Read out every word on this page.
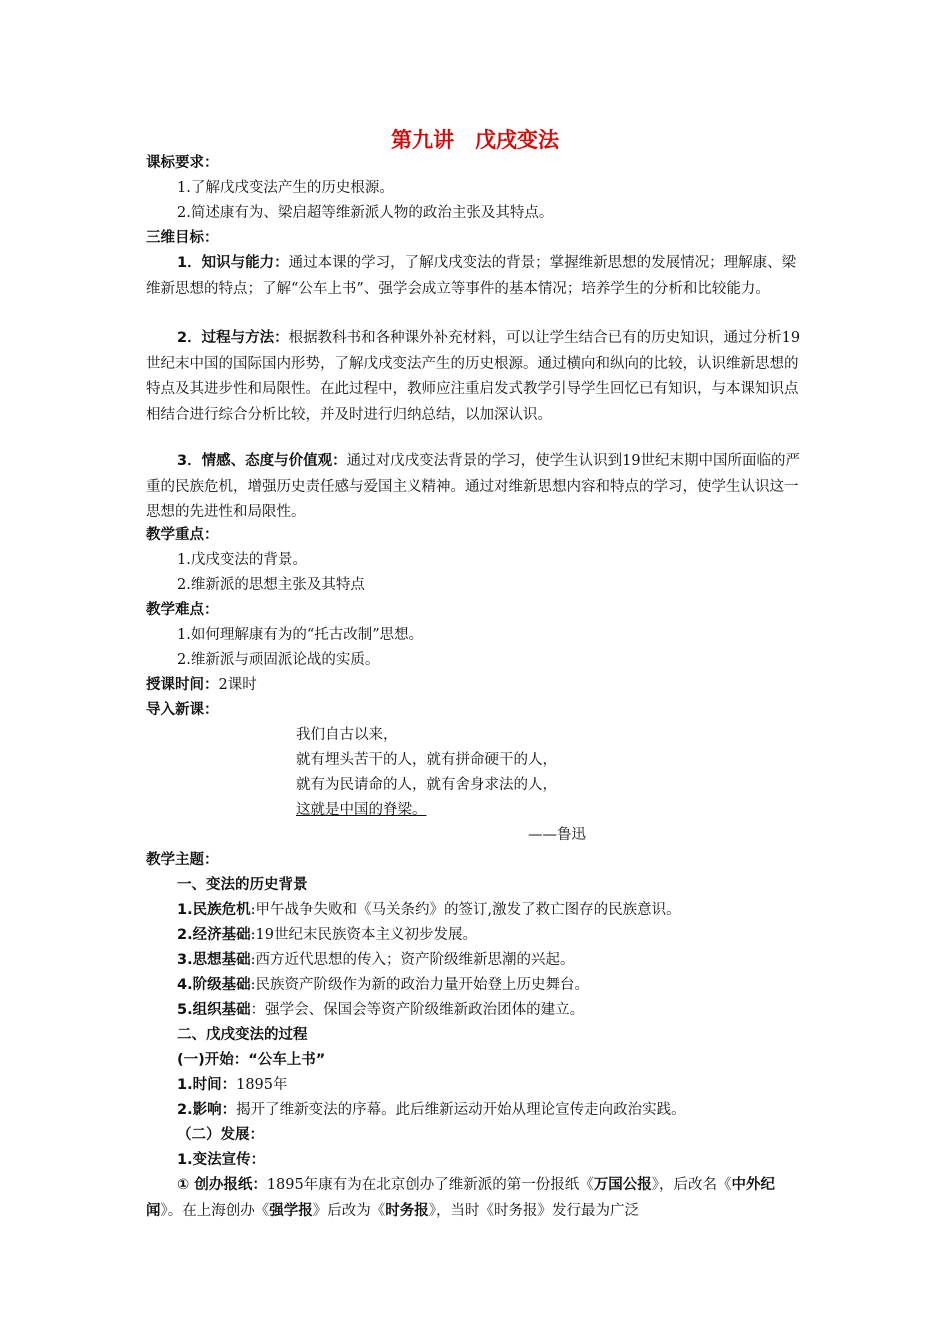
第九讲　戊戌变法
课标要求：
1.了解戊戌变法产生的历史根源。
2.简述康有为、梁启超等维新派人物的政治主张及其特点。
三维目标：
1．知识与能力：通过本课的学习，了解戊戌变法的背景；掌握维新思想的发展情况；理解康、梁维新思想的特点；了解“公车上书”、强学会成立等事件的基本情况；培养学生的分析和比较能力。
2．过程与方法：根据教科书和各种课外补充材料，可以让学生结合已有的历史知识，通过分析19世纪末中国的国际国内形势，了解戊戌变法产生的历史根源。通过横向和纵向的比较，认识维新思想的特点及其进步性和局限性。在此过程中，教师应注重启发式教学引导学生回忆已有知识，与本课知识点相结合进行综合分析比较，并及时进行归纳总结，以加深认识。
3．情感、态度与价值观：通过对戊戌变法背景的学习，使学生认识到19世纪末期中国所面临的严重的民族危机，增强历史责任感与爱国主义精神。通过对维新思想内容和特点的学习，使学生认识这一思想的先进性和局限性。
教学重点：
1.戊戌变法的背景。
2.维新派的思想主张及其特点
教学难点：
1.如何理解康有为的“托古改制”思想。
2.维新派与顽固派论战的实质。
授课时间：2课时
导入新课：
我们自古以来，
就有埋头苦干的人，就有拼命硬干的人，
就有为民请命的人，就有舍身求法的人，
这就是中国的脊梁。
——鲁迅
教学主题：
一、变法的历史背景
1.民族危机:甲午战争失败和《马关条约》的签订,激发了救亡图存的民族意识。
2.经济基础:19世纪末民族资本主义初步发展。
3.思想基础:西方近代思想的传入；资产阶级维新思潮的兴起。
4.阶级基础:民族资产阶级作为新的政治力量开始登上历史舞台。
5.组织基础：强学会、保国会等资产阶级维新政治团体的建立。
二、戊戌变法的过程
(一)开始：“公车上书”
1.时间：1895年
2.影响：揭开了维新变法的序幕。此后维新运动开始从理论宣传走向政治实践。
（二）发展：
1.变法宣传：
① 创办报纸：1895年康有为在北京创办了维新派的第一份报纸《万国公报》，后改名《中外纪闻》。在上海创办《强学报》后改为《时务报》，当时《时务报》发行最为广泛
